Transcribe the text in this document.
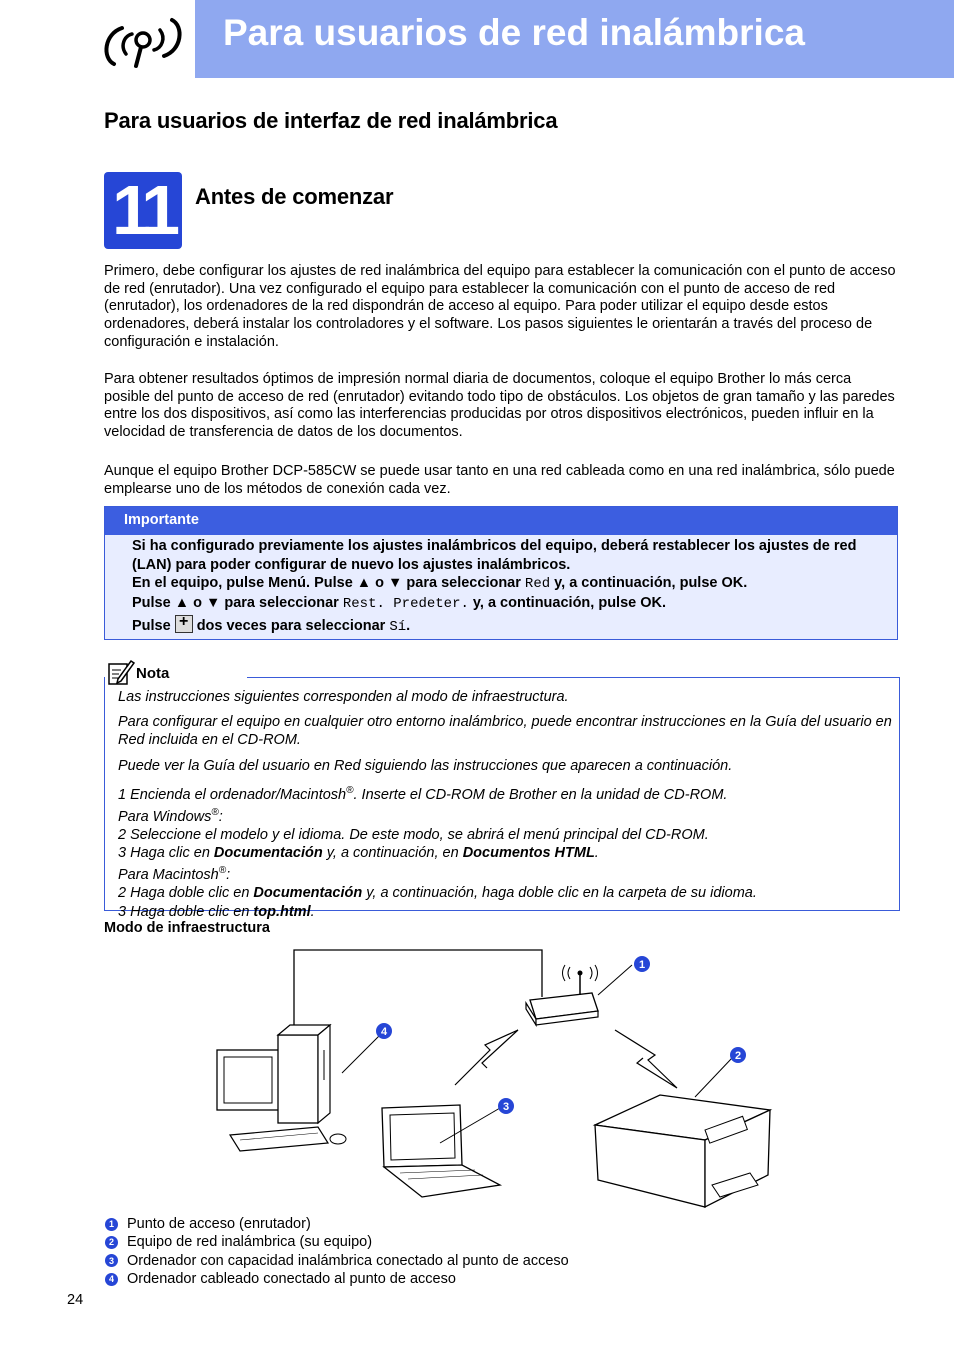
Para usuarios de red inalámbrica
Para usuarios de interfaz de red inalámbrica
11 Antes de comenzar
Primero, debe configurar los ajustes de red inalámbrica del equipo para establecer la comunicación con el punto de acceso de red (enrutador). Una vez configurado el equipo para establecer la comunicación con el punto de acceso de red (enrutador), los ordenadores de la red dispondrán de acceso al equipo. Para poder utilizar el equipo desde estos ordenadores, deberá instalar los controladores y el software. Los pasos siguientes le orientarán a través del proceso de configuración e instalación.
Para obtener resultados óptimos de impresión normal diaria de documentos, coloque el equipo Brother lo más cerca posible del punto de acceso de red (enrutador) evitando todo tipo de obstáculos. Los objetos de gran tamaño y las paredes entre los dos dispositivos, así como las interferencias producidas por otros dispositivos electrónicos, pueden influir en la velocidad de transferencia de datos de los documentos.
Aunque el equipo Brother DCP-585CW se puede usar tanto en una red cableada como en una red inalámbrica, sólo puede emplearse uno de los métodos de conexión cada vez.
Importante
Si ha configurado previamente los ajustes inalámbricos del equipo, deberá restablecer los ajustes de red (LAN) para poder configurar de nuevo los ajustes inalámbricos.
En el equipo, pulse Menú. Pulse ▲ o ▼ para seleccionar Red y, a continuación, pulse OK.
Pulse ▲ o ▼ para seleccionar Rest. Predeter. y, a continuación, pulse OK.
Pulse+ dos veces para seleccionar Sí.
Nota

Las instrucciones siguientes corresponden al modo de infraestructura.

Para configurar el equipo en cualquier otro entorno inalámbrico, puede encontrar instrucciones en la Guía del usuario en Red incluida en el CD-ROM.

Puede ver la Guía del usuario en Red siguiendo las instrucciones que aparecen a continuación.

1 Encienda el ordenador/Macintosh®. Inserte el CD-ROM de Brother en la unidad de CD-ROM.

Para Windows®:

2 Seleccione el modelo y el idioma. De este modo, se abrirá el menú principal del CD-ROM.

3 Haga clic en Documentación y, a continuación, en Documentos HTML.

Para Macintosh®:

2 Haga doble clic en Documentación y, a continuación, haga doble clic en la carpeta de su idioma.

3 Haga doble clic en top.html.

Modo de infraestructura
1
2
3
4
1 Punto de acceso (enrutador)
2 Equipo de red inalámbrica (su equipo)
3 Ordenador con capacidad inalámbrica conectado al punto de acceso
4 Ordenador cableado conectado al punto de acceso
24
